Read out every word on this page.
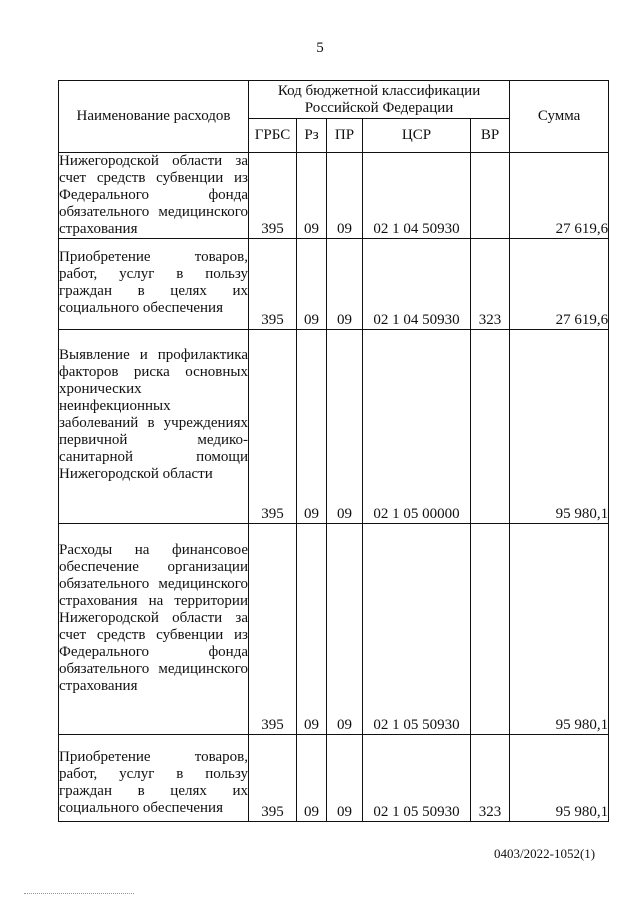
5
Наименование расходов	Код бюджетной классификации Российской Федерации					Сумма
	ГРБС	Рз	ПР	ЦСР	ВР	
Нижегородской области за счет средств субвенции из Федерального фонда обязательного медицинского страхования	395	09	09	02 1 04 50930		27 619,6
Приобретение товаров, работ, услуг в пользу граждан в целях их социального обеспечения	395	09	09	02 1 04 50930	323	27 619,6
Выявление и профилактика факторов риска основных хронических неинфекционных заболеваний в учреждениях первичной медико-санитарной помощи Нижегородской области	395	09	09	02 1 05 00000		95 980,1
Расходы на финансовое обеспечение организации обязательного медицинского страхования на территории Нижегородской области за счет средств субвенции из Федерального фонда обязательного медицинского страхования	395	09	09	02 1 05 50930		95 980,1
Приобретение товаров, работ, услуг в пользу граждан в целях их социального обеспечения	395	09	09	02 1 05 50930	323	95 980,1
0403/2022-1052(1)
